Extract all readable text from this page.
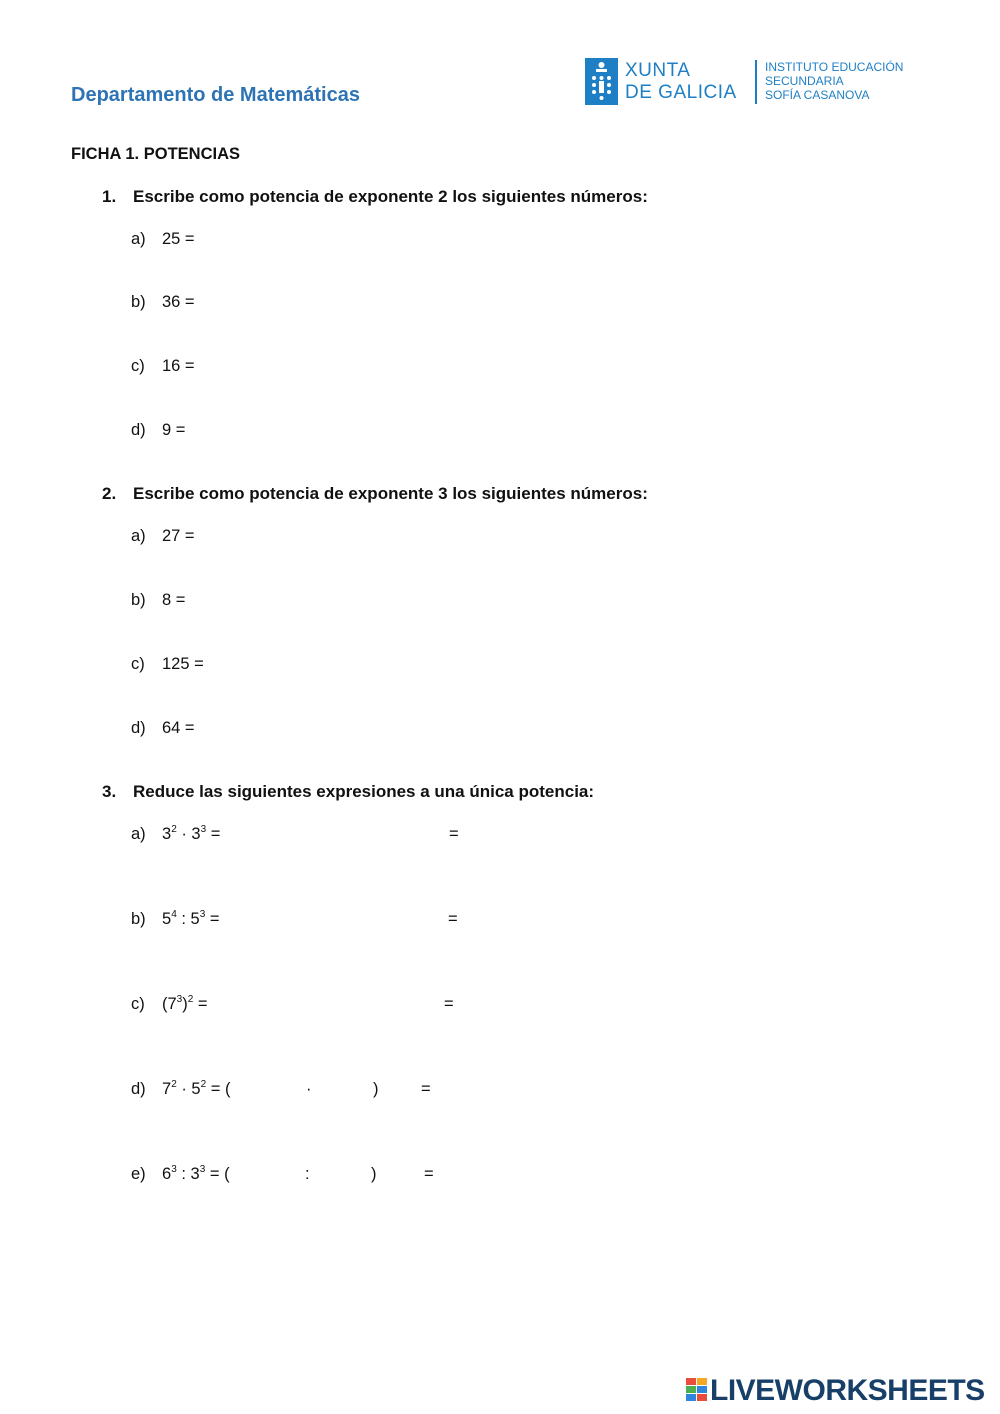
Departamento de Matemáticas
XUNTA
DE GALICIA
INSTITUTO EDUCACIÓN
SECUNDARIA
SOFÍA CASANOVA
FICHA 1. POTENCIAS
1. Escribe como potencia de exponente 2 los siguientes números:
a) 25 =
b) 36 =
c) 16 =
d) 9 =
2. Escribe como potencia de exponente 3 los siguientes números:
a) 27 =
b) 8 =
c) 125 =
d) 64 =
3. Reduce las siguientes expresiones a una única potencia:
a) $3^2 \cdot 3^3$ =	=
b) $5^4$ : $5^3$ =	=
c) $(7^3)^2$ =	=
d) $7^2 \cdot 5^2$ = (	·	)	=
e) $6^3$ : $3^3$ = (	:	)	=
LIVEWORKSHEETS
